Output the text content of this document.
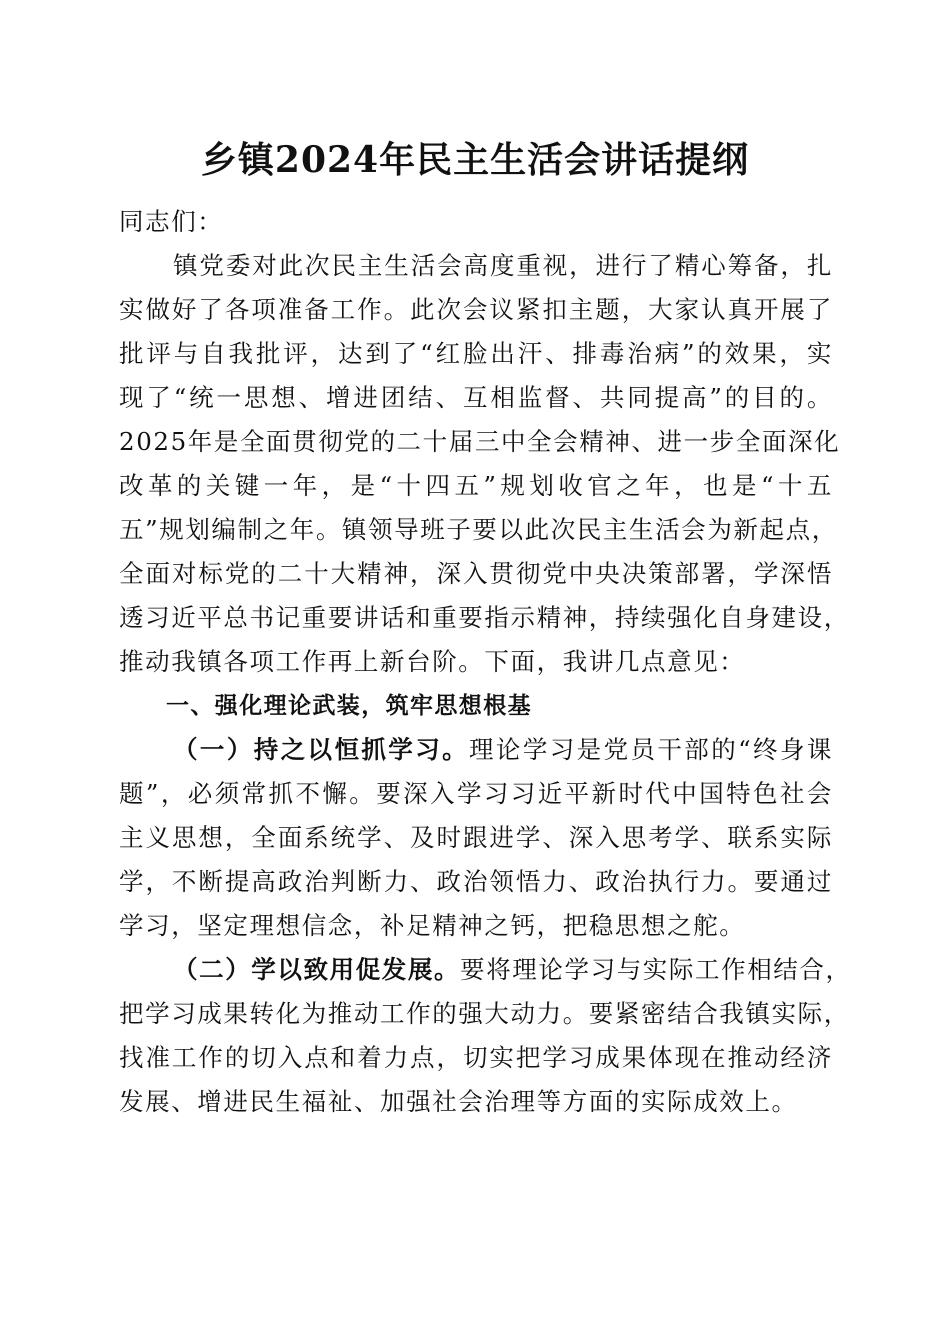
乡镇2024年民主生活会讲话提纲
同志们：
镇党委对此次民主生活会高度重视，进行了精心筹备，扎
实做好了各项准备工作。此次会议紧扣主题，大家认真开展了
批评与自我批评，达到了“红脸出汗、排毒治病”的效果，实
现了“统一思想、增进团结、互相监督、共同提高”的目的。
2025年是全面贯彻党的二十届三中全会精神、进一步全面深化
改革的关键一年，是“十四五”规划收官之年，也是“十五
五”规划编制之年。镇领导班子要以此次民主生活会为新起点，
全面对标党的二十大精神，深入贯彻党中央决策部署，学深悟
透习近平总书记重要讲话和重要指示精神，持续强化自身建设，
推动我镇各项工作再上新台阶。下面，我讲几点意见：
一、强化理论武装，筑牢思想根基
（一）持之以恒抓学习。理论学习是党员干部的“终身课
题”，必须常抓不懈。要深入学习习近平新时代中国特色社会
主义思想，全面系统学、及时跟进学、深入思考学、联系实际
学，不断提高政治判断力、政治领悟力、政治执行力。要通过
学习，坚定理想信念，补足精神之钙，把稳思想之舵。
（二）学以致用促发展。要将理论学习与实际工作相结合，
把学习成果转化为推动工作的强大动力。要紧密结合我镇实际，
找准工作的切入点和着力点，切实把学习成果体现在推动经济
发展、增进民生福祉、加强社会治理等方面的实际成效上。
